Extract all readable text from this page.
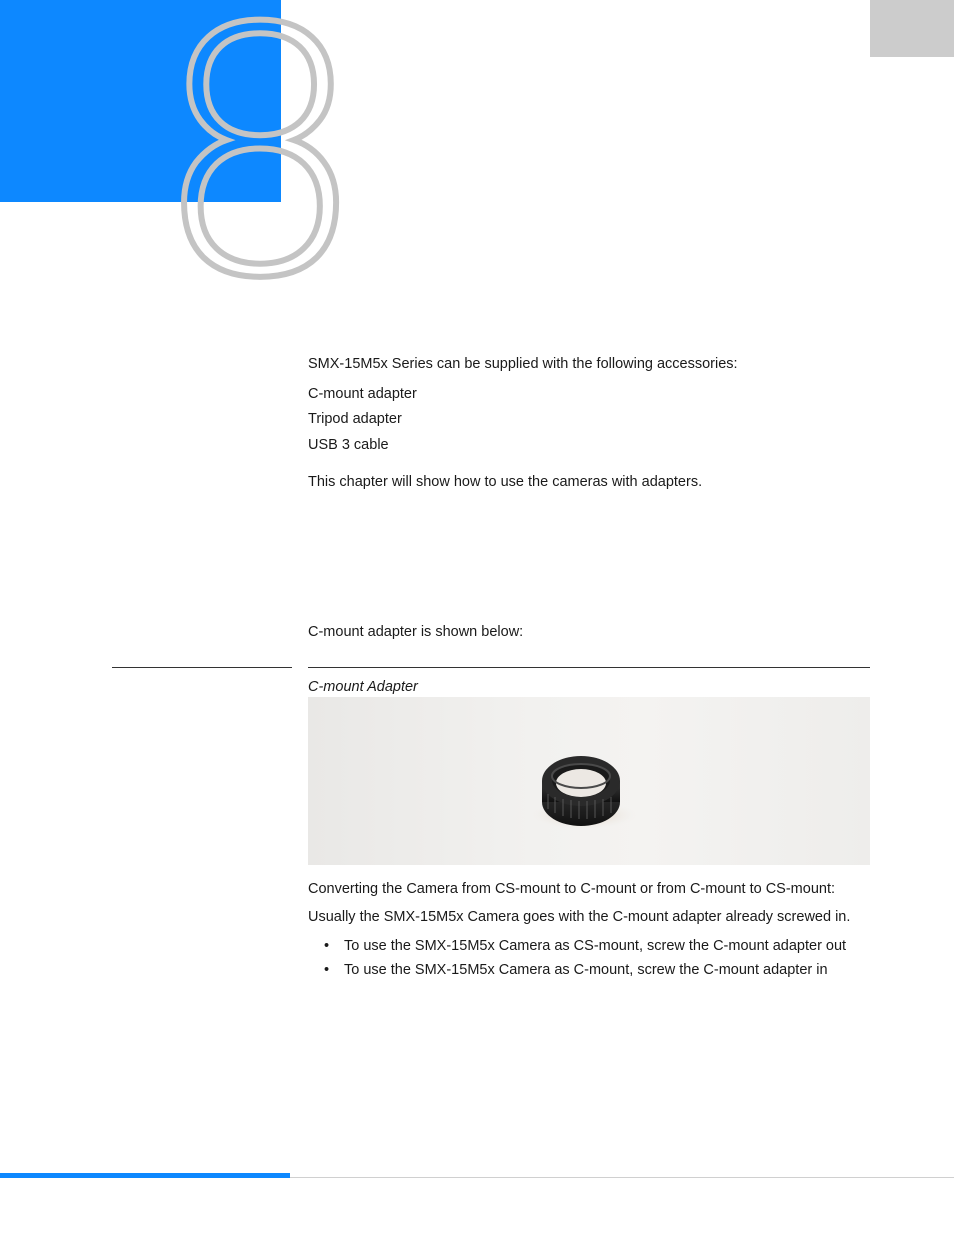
8
SMX-15M5x Series can be supplied with the following accessories:
C-mount adapter
Tripod adapter
USB 3 cable
This chapter will show how to use the cameras with adapters.
C-mount adapter is shown below:
C-mount Adapter
Converting the Camera from CS-mount to C-mount or from C-mount to CS-mount:
Usually the SMX-15M5x Camera goes with the C-mount adapter already screwed in.
• To use the SMX-15M5x Camera as CS-mount, screw the C-mount adapter out
• To use the SMX-15M5x Camera as C-mount, screw the C-mount adapter in
